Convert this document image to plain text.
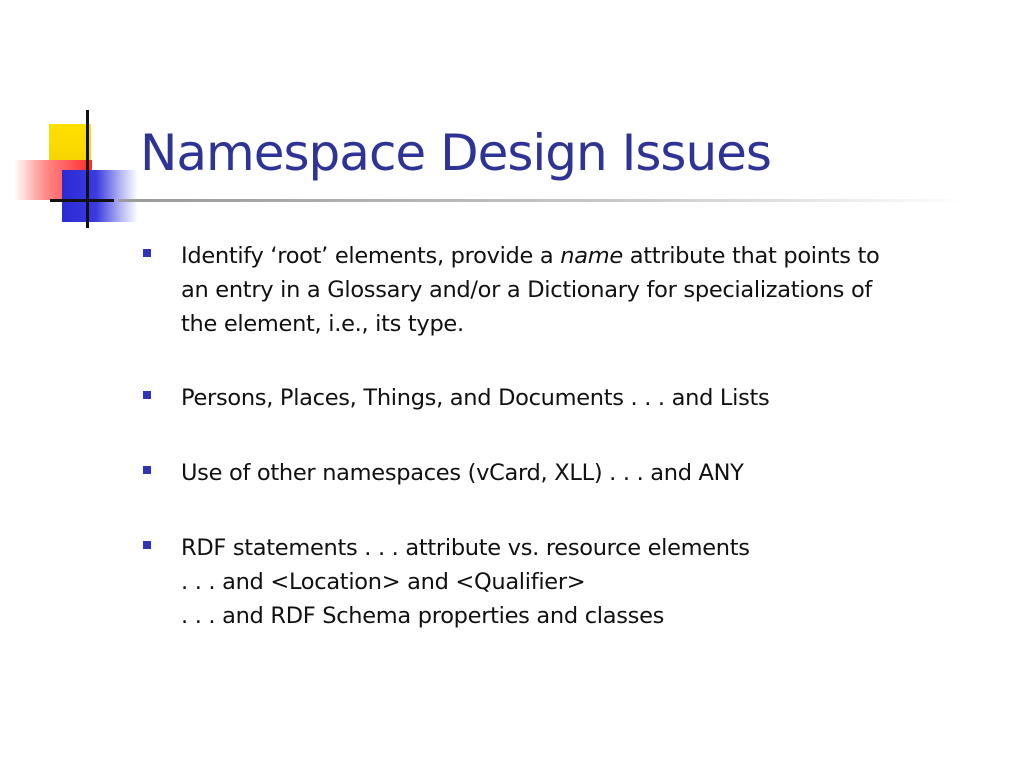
Namespace Design Issues
Identify ‘root’ elements, provide a name attribute that points to
an entry in a Glossary and/or a Dictionary for specializations of
the element, i.e., its type.
Persons, Places, Things, and Documents . . . and Lists
Use of other namespaces (vCard, XLL) . . . and ANY
RDF statements . . . attribute vs. resource elements
. . . and <Location> and <Qualifier>
. . . and RDF Schema properties and classes
